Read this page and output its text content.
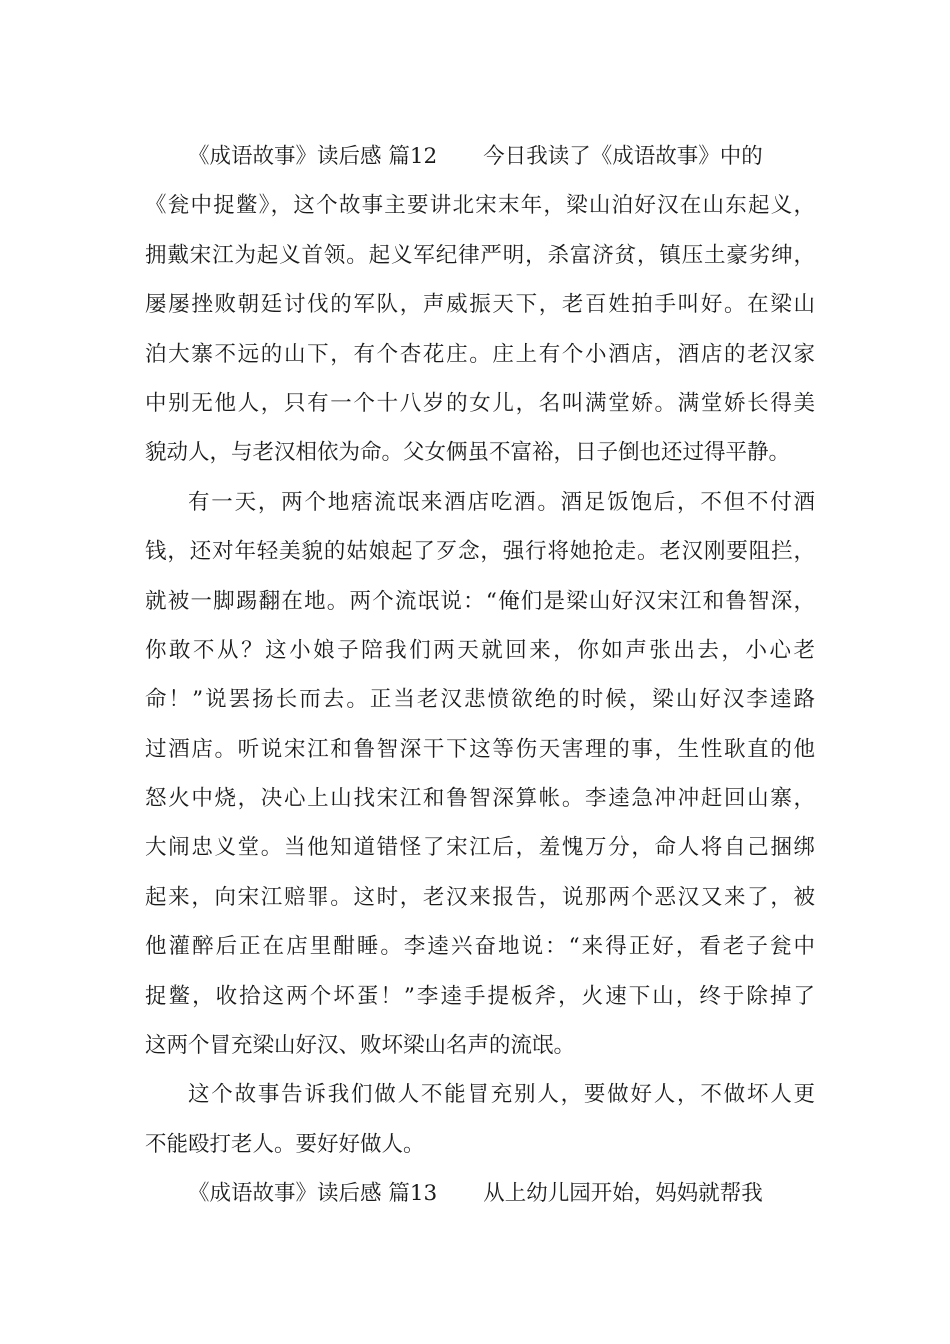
《成语故事》读后感 篇12 今日我读了《成语故事》中的
《瓮中捉鳖》，这个故事主要讲北宋末年，梁山泊好汉在山东起义，
拥戴宋江为起义首领。起义军纪律严明，杀富济贫，镇压土豪劣绅，
屡屡挫败朝廷讨伐的军队，声威振天下，老百姓拍手叫好。在梁山
泊大寨不远的山下，有个杏花庄。庄上有个小酒店，酒店的老汉家
中别无他人，只有一个十八岁的女儿，名叫满堂娇。满堂娇长得美
貌动人，与老汉相依为命。父女俩虽不富裕，日子倒也还过得平静。
有一天，两个地痞流氓来酒店吃酒。酒足饭饱后，不但不付酒
钱，还对年轻美貌的姑娘起了歹念，强行将她抢走。老汉刚要阻拦，
就被一脚踢翻在地。两个流氓说：“俺们是梁山好汉宋江和鲁智深，
你敢不从？这小娘子陪我们两天就回来，你如声张出去，小心老
命！”说罢扬长而去。正当老汉悲愤欲绝的时候，梁山好汉李逵路
过酒店。听说宋江和鲁智深干下这等伤天害理的事，生性耿直的他
怒火中烧，决心上山找宋江和鲁智深算帐。李逵急冲冲赶回山寨，
大闹忠义堂。当他知道错怪了宋江后，羞愧万分，命人将自己捆绑
起来，向宋江赔罪。这时，老汉来报告，说那两个恶汉又来了，被
他灌醉后正在店里酣睡。李逵兴奋地说：“来得正好，看老子瓮中
捉鳖，收拾这两个坏蛋！”李逵手提板斧，火速下山，终于除掉了
这两个冒充梁山好汉、败坏梁山名声的流氓。
这个故事告诉我们做人不能冒充别人，要做好人，不做坏人更
不能殴打老人。要好好做人。
《成语故事》读后感 篇13 从上幼儿园开始，妈妈就帮我
